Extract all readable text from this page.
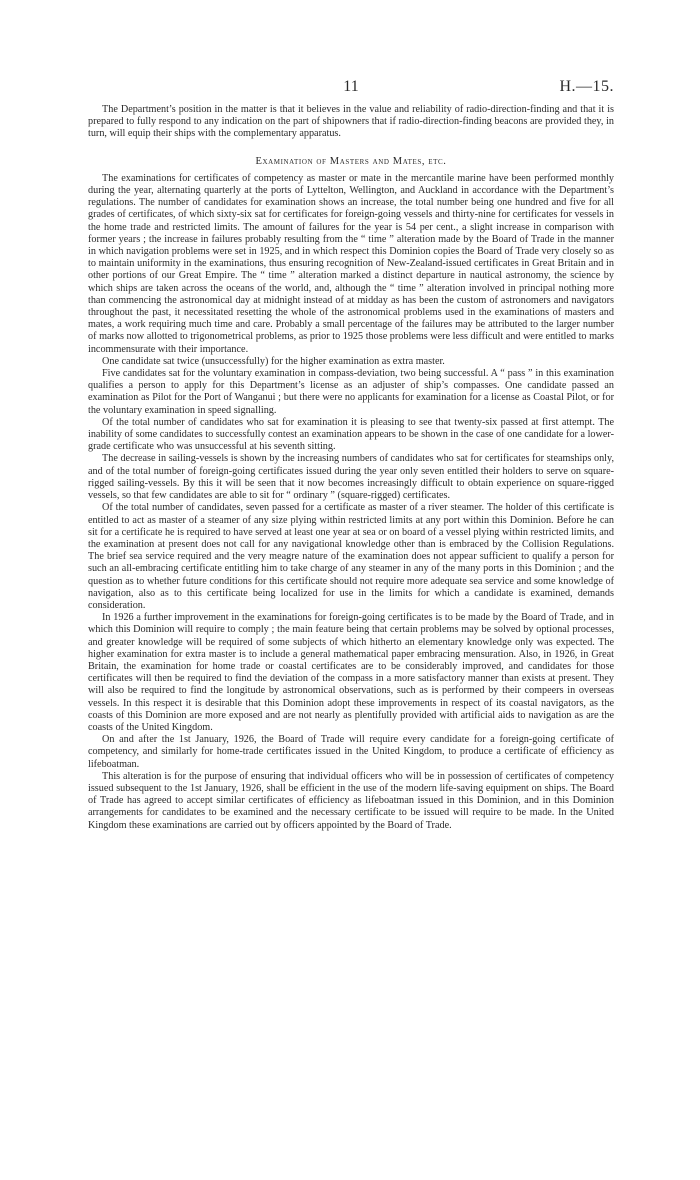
11	H.—15.

The Department’s position in the matter is that it believes in the value and reliability of radio-direction-finding and that it is prepared to fully respond to any indication on the part of shipowners that if radio-direction-finding beacons are provided they, in turn, will equip their ships with the complementary apparatus.

Examination of Masters and Mates, etc.

The examinations for certificates of competency as master or mate in the mercantile marine have been performed monthly during the year, alternating quarterly at the ports of Lyttelton, Wellington, and Auckland in accordance with the Department’s regulations. The number of candidates for examination shows an increase, the total number being one hundred and five for all grades of certificates, of which sixty-six sat for certificates for foreign-going vessels and thirty-nine for certificates for vessels in the home trade and restricted limits. The amount of failures for the year is 54 per cent., a slight increase in comparison with former years ; the increase in failures probably resulting from the “ time ” alteration made by the Board of Trade in the manner in which navigation problems were set in 1925, and in which respect this Dominion copies the Board of Trade very closely so as to maintain uniformity in the examinations, thus ensuring recognition of New-Zealand-issued certificates in Great Britain and in other portions of our Great Empire. The “ time ” alteration marked a distinct departure in nautical astronomy, the science by which ships are taken across the oceans of the world, and, although the “ time ” alteration involved in principal nothing more than commencing the astronomical day at midnight instead of at midday as has been the custom of astronomers and navigators throughout the past, it necessitated resetting the whole of the astronomical problems used in the examinations of masters and mates, a work requiring much time and care. Probably a small percentage of the failures may be attributed to the larger number of marks now allotted to trigonometrical problems, as prior to 1925 those problems were less difficult and were entitled to marks incommensurate with their importance.

One candidate sat twice (unsuccessfully) for the higher examination as extra master.

Five candidates sat for the voluntary examination in compass-deviation, two being successful. A “ pass ” in this examination qualifies a person to apply for this Department’s license as an adjuster of ship’s compasses. One candidate passed an examination as Pilot for the Port of Wanganui ; but there were no applicants for examination for a license as Coastal Pilot, or for the voluntary examination in speed signalling.

Of the total number of candidates who sat for examination it is pleasing to see that twenty-six passed at first attempt. The inability of some candidates to successfully contest an examination appears to be shown in the case of one candidate for a lower-grade certificate who was unsuccessful at his seventh sitting.

The decrease in sailing-vessels is shown by the increasing numbers of candidates who sat for certificates for steamships only, and of the total number of foreign-going certificates issued during the year only seven entitled their holders to serve on square-rigged sailing-vessels. By this it will be seen that it now becomes increasingly difficult to obtain experience on square-rigged vessels, so that few candidates are able to sit for “ ordinary ” (square-rigged) certificates.

Of the total number of candidates, seven passed for a certificate as master of a river steamer. The holder of this certificate is entitled to act as master of a steamer of any size plying within restricted limits at any port within this Dominion. Before he can sit for a certificate he is required to have served at least one year at sea or on board of a vessel plying within restricted limits, and the examination at present does not call for any navigational knowledge other than is embraced by the Collision Regulations. The brief sea service required and the very meagre nature of the examination does not appear sufficient to qualify a person for such an all-embracing certificate entitling him to take charge of any steamer in any of the many ports in this Dominion ; and the question as to whether future conditions for this certificate should not require more adequate sea service and some knowledge of navigation, also as to this certificate being localized for use in the limits for which a candidate is examined, demands consideration.

In 1926 a further improvement in the examinations for foreign-going certificates is to be made by the Board of Trade, and in which this Dominion will require to comply ; the main feature being that certain problems may be solved by optional processes, and greater knowledge will be required of some subjects of which hitherto an elementary knowledge only was expected. The higher examination for extra master is to include a general mathematical paper embracing mensuration. Also, in 1926, in Great Britain, the examination for home trade or coastal certificates are to be considerably improved, and candidates for those certificates will then be required to find the deviation of the compass in a more satisfactory manner than exists at present. They will also be required to find the longitude by astronomical observations, such as is performed by their compeers in overseas vessels. In this respect it is desirable that this Dominion adopt these improvements in respect of its coastal navigators, as the coasts of this Dominion are more exposed and are not nearly as plentifully provided with artificial aids to navigation as are the coasts of the United Kingdom.

On and after the 1st January, 1926, the Board of Trade will require every candidate for a foreign-going certificate of competency, and similarly for home-trade certificates issued in the United Kingdom, to produce a certificate of efficiency as lifeboatman.

This alteration is for the purpose of ensuring that individual officers who will be in possession of certificates of competency issued subsequent to the 1st January, 1926, shall be efficient in the use of the modern life-saving equipment on ships. The Board of Trade has agreed to accept similar certificates of efficiency as lifeboatman issued in this Dominion, and in this Dominion arrangements for candidates to be examined and the necessary certificate to be issued will require to be made. In the United Kingdom these examinations are carried out by officers appointed by the Board of Trade.
